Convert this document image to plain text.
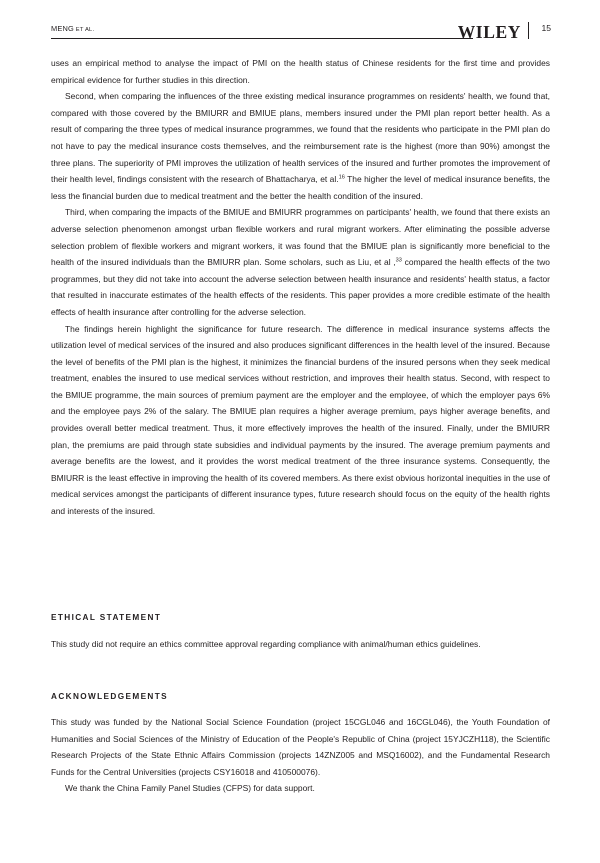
MENG ET AL.	WILEY 15

uses an empirical method to analyse the impact of PMI on the health status of Chinese residents for the first time and provides empirical evidence for further studies in this direction.

Second, when comparing the influences of the three existing medical insurance programmes on residents' health, we found that, compared with those covered by the BMIURR and BMIUE plans, members insured under the PMI plan report better health. As a result of comparing the three types of medical insurance programmes, we found that the residents who participate in the PMI plan do not have to pay the medical insurance costs themselves, and the reimbursement rate is the highest (more than 90%) amongst the three plans. The superiority of PMI improves the utilization of health services of the insured and further promotes the improvement of their health level, findings consistent with the research of Bhattacharya, et al.$^{16}$ The higher the level of medical insurance benefits, the less the financial burden due to medical treatment and the better the health condition of the insured.

Third, when comparing the impacts of the BMIUE and BMIURR programmes on participants' health, we found that there exists an adverse selection phenomenon amongst urban flexible workers and rural migrant workers. After eliminating the possible adverse selection problem of flexible workers and migrant workers, it was found that the BMIUE plan is significantly more beneficial to the health of the insured individuals than the BMIURR plan. Some scholars, such as Liu, et al ,$^{33}$ compared the health effects of the two programmes, but they did not take into account the adverse selection between health insurance and residents' health status, a factor that resulted in inaccurate estimates of the health effects of the residents. This paper provides a more credible estimate of the health effects of health insurance after controlling for the adverse selection.

The findings herein highlight the significance for future research. The difference in medical insurance systems affects the utilization level of medical services of the insured and also produces significant differences in the health level of the insured. Because the level of benefits of the PMI plan is the highest, it minimizes the financial burdens of the insured persons when they seek medical treatment, enables the insured to use medical services without restriction, and improves their health status. Second, with respect to the BMIUE programme, the main sources of premium payment are the employer and the employee, of which the employer pays 6% and the employee pays 2% of the salary. The BMIUE plan requires a higher average premium, pays higher average benefits, and provides overall better medical treatment. Thus, it more effectively improves the health of the insured. Finally, under the BMIURR plan, the premiums are paid through state subsidies and individual payments by the insured. The average premium payments and average benefits are the lowest, and it provides the worst medical treatment of the three insurance systems. Consequently, the BMIURR is the least effective in improving the health of its covered members. As there exist obvious horizontal inequities in the use of medical services amongst the participants of different insurance types, future research should focus on the equity of the health rights and interests of the insured.

ETHICAL STATEMENT

This study did not require an ethics committee approval regarding compliance with animal/human ethics guidelines.

ACKNOWLEDGEMENTS

This study was funded by the National Social Science Foundation (project 15CGL046 and 16CGL046), the Youth Foundation of Humanities and Social Sciences of the Ministry of Education of the People's Republic of China (project 15YJCZH118), the Scientific Research Projects of the State Ethnic Affairs Commission (projects 14ZNZ005 and MSQ16002), and the Fundamental Research Funds for the Central Universities (projects CSY16018 and 410500076).

We thank the China Family Panel Studies (CFPS) for data support.
